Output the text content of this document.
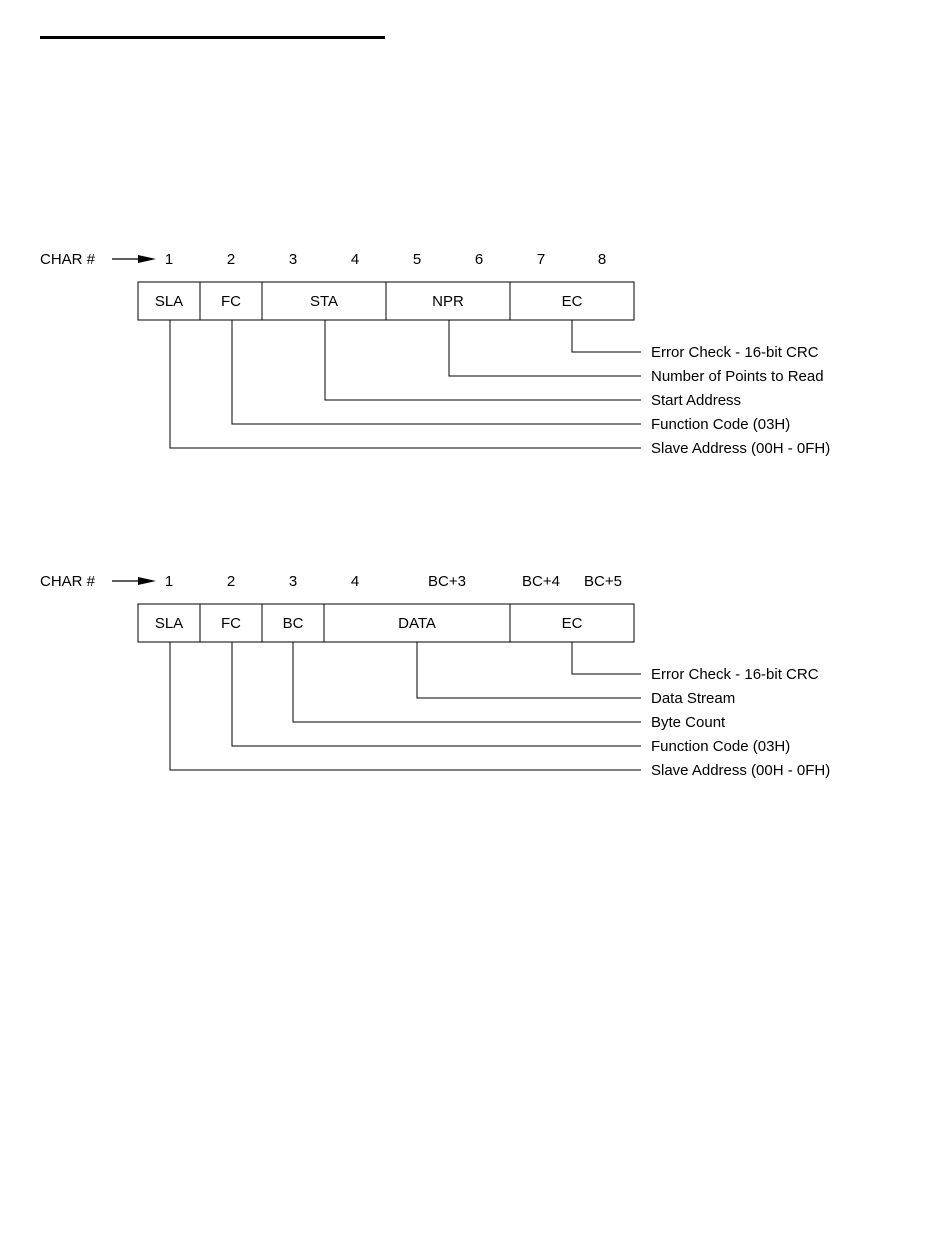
CHAR #	1	2	3	4	5	6	7	8
SLA	FC	STA	NPR	EC
Error Check - 16-bit CRC
Number of Points to Read
Start Address
Function Code (03H)
Slave Address (00H - 0FH)
CHAR #	1	2	3	4	BC+3	BC+4 BC+5
SLA	FC	BC	DATA	EC
Error Check - 16-bit CRC
Data Stream
Byte Count
Function Code (03H)
Slave Address (00H - 0FH)
